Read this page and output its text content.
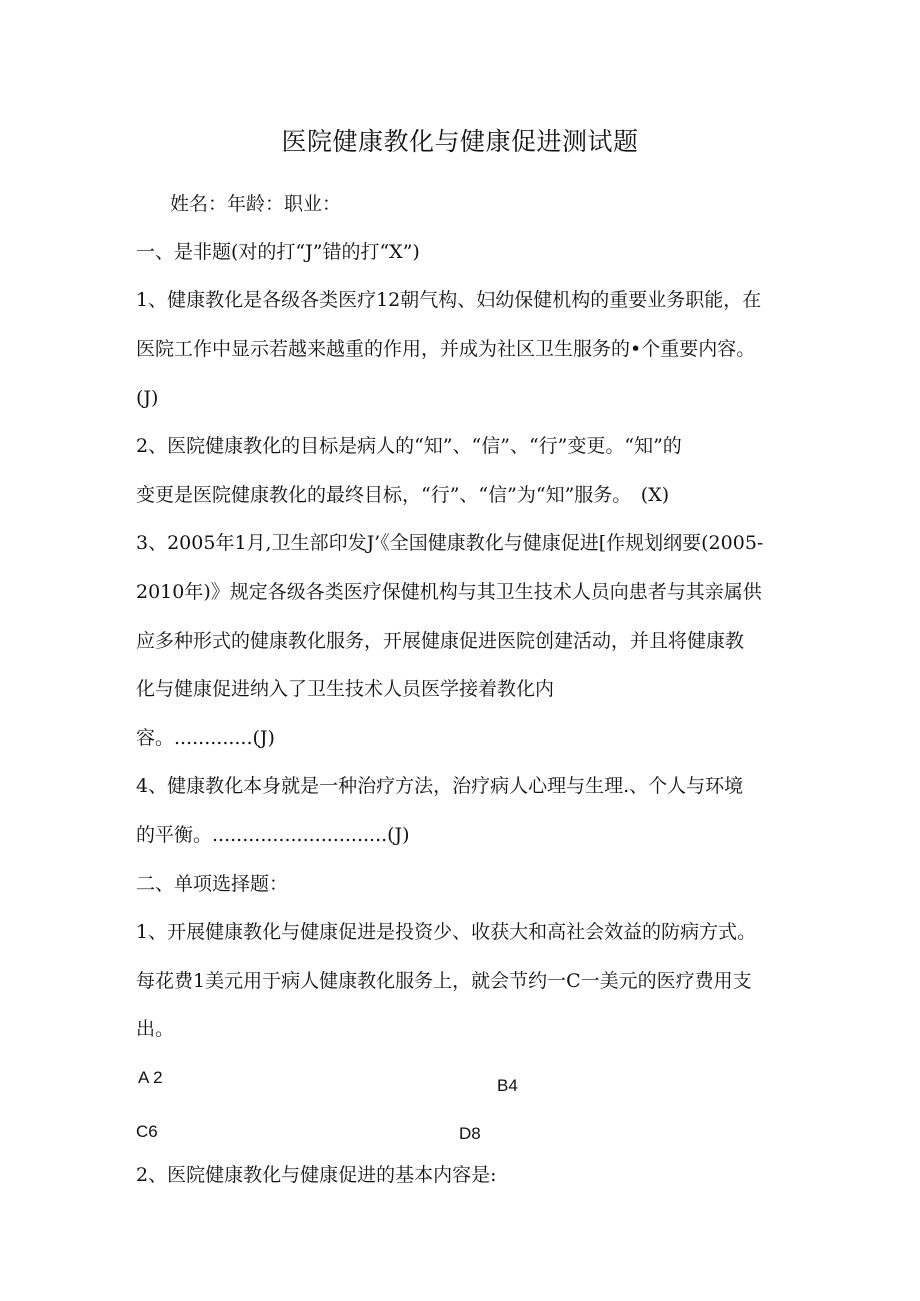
医院健康教化与健康促进测试题
姓名：年龄：职业：
一、是非题(对的打“J”错的打“X”)
1、健康教化是各级各类医疗12朝气构、妇幼保健机构的重要业务职能，在
医院工作中显示若越来越重的作用，并成为社区卫生服务的•个重要内容。
(J)
2、医院健康教化的目标是病人的“知”、“信”、“行”变更。“知”的
变更是医院健康教化的最终目标，“行”、“信”为“知”服务。　(X)
3、2005年1月,卫生部印发J’《全国健康教化与健康促进[作规划纲要(2005-
2010年)》规定各级各类医疗保健机构与其卫生技术人员向患者与其亲属供
应多种形式的健康教化服务，开展健康促进医院创建活动，并且将健康教
化与健康促进纳入了卫生技术人员医学接着教化内
容。.............(J)
4、健康教化本身就是一种治疗方法，治疗病人心理与生理.、个人与环境
的平衡。.............................(J)
二、单项选择题：
1、开展健康教化与健康促进是投资少、收获大和高社会效益的防病方式。
每花费1美元用于病人健康教化服务上，就会节约一C一美元的医疗费用支
出。
A 2	B4
C6	D8
2、医院健康教化与健康促进的基本内容是:
